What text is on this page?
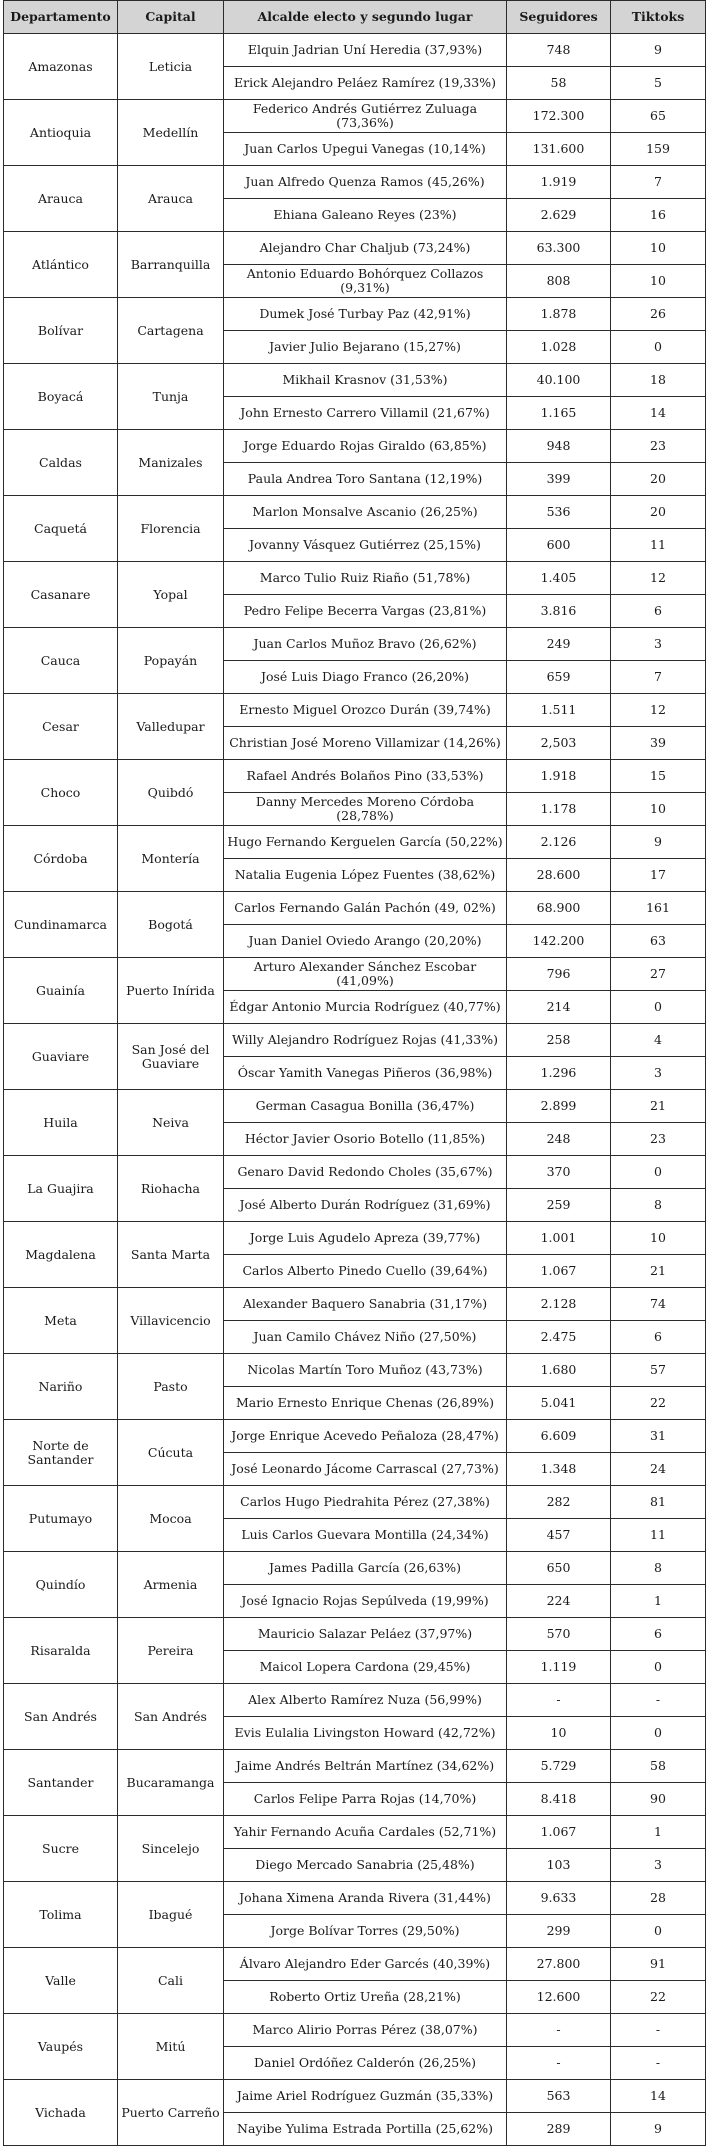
Departamento	Capital	Alcalde electo y segundo lugar	Seguidores	Tiktoks
Amazonas	Leticia	Elquin Jadrian Uní Heredia (37,93%)	748	9
		Erick Alejandro Peláez Ramírez (19,33%)	58	5
Antioquia	Medellín	Federico Andrés Gutiérrez Zuluaga (73,36%)	172.300	65
		Juan Carlos Upegui Vanegas (10,14%)	131.600	159
Arauca	Arauca	Juan Alfredo Quenza Ramos (45,26%)	1.919	7
		Ehiana Galeano Reyes (23%)	2.629	16
Atlántico	Barranquilla	Alejandro Char Chaljub (73,24%)	63.300	10
		Antonio Eduardo Bohórquez Collazos (9,31%)	808	10
Bolívar	Cartagena	Dumek José Turbay Paz (42,91%)	1.878	26
		Javier Julio Bejarano (15,27%)	1.028	0
Boyacá	Tunja	Mikhail Krasnov (31,53%)	40.100	18
		John Ernesto Carrero Villamil (21,67%)	1.165	14
Caldas	Manizales	Jorge Eduardo Rojas Giraldo (63,85%)	948	23
		Paula Andrea Toro Santana (12,19%)	399	20
Caquetá	Florencia	Marlon Monsalve Ascanio (26,25%)	536	20
		Jovanny Vásquez Gutiérrez (25,15%)	600	11
Casanare	Yopal	Marco Tulio Ruiz Riaño (51,78%)	1.405	12
		Pedro Felipe Becerra Vargas (23,81%)	3.816	6
Cauca	Popayán	Juan Carlos Muñoz Bravo (26,62%)	249	3
		José Luis Diago Franco (26,20%)	659	7
Cesar	Valledupar	Ernesto Miguel Orozco Durán (39,74%)	1.511	12
		Christian José Moreno Villamizar (14,26%)	2,503	39
Choco	Quibdó	Rafael Andrés Bolaños Pino (33,53%)	1.918	15
		Danny Mercedes Moreno Córdoba (28,78%)	1.178	10
Córdoba	Montería	Hugo Fernando Kerguelen García (50,22%)	2.126	9
		Natalia Eugenia López Fuentes (38,62%)	28.600	17
Cundinamarca	Bogotá	Carlos Fernando Galán Pachón (49, 02%)	68.900	161
		Juan Daniel Oviedo Arango (20,20%)	142.200	63
Guainía	Puerto Inírida	Arturo Alexander Sánchez Escobar (41,09%)	796	27
		Édgar Antonio Murcia Rodríguez (40,77%)	214	0
Guaviare	San José del Guaviare	Willy Alejandro Rodríguez Rojas (41,33%)	258	4
		Óscar Yamith Vanegas Piñeros (36,98%)	1.296	3
Huila	Neiva	German Casagua Bonilla (36,47%)	2.899	21
		Héctor Javier Osorio Botello (11,85%)	248	23
La Guajira	Riohacha	Genaro David Redondo Choles (35,67%)	370	0
		José Alberto Durán Rodríguez (31,69%)	259	8
Magdalena	Santa Marta	Jorge Luis Agudelo Apreza (39,77%)	1.001	10
		Carlos Alberto Pinedo Cuello (39,64%)	1.067	21
Meta	Villavicencio	Alexander Baquero Sanabria (31,17%)	2.128	74
		Juan Camilo Chávez Niño (27,50%)	2.475	6
Nariño	Pasto	Nicolas Martín Toro Muñoz (43,73%)	1.680	57
		Mario Ernesto Enrique Chenas (26,89%)	5.041	22
Norte de Santander	Cúcuta	Jorge Enrique Acevedo Peñaloza (28,47%)	6.609	31
		José Leonardo Jácome Carrascal (27,73%)	1.348	24
Putumayo	Mocoa	Carlos Hugo Piedrahita Pérez (27,38%)	282	81
		Luis Carlos Guevara Montilla (24,34%)	457	11
Quindío	Armenia	James Padilla García (26,63%)	650	8
		José Ignacio Rojas Sepúlveda (19,99%)	224	1
Risaralda	Pereira	Mauricio Salazar Peláez (37,97%)	570	6
		Maicol Lopera Cardona (29,45%)	1.119	0
San Andrés	San Andrés	Alex Alberto Ramírez Nuza (56,99%)	-	-
		Evis Eulalia Livingston Howard (42,72%)	10	0
Santander	Bucaramanga	Jaime Andrés Beltrán Martínez (34,62%)	5.729	58
		Carlos Felipe Parra Rojas (14,70%)	8.418	90
Sucre	Sincelejo	Yahir Fernando Acuña Cardales (52,71%)	1.067	1
		Diego Mercado Sanabria (25,48%)	103	3
Tolima	Ibagué	Johana Ximena Aranda Rivera (31,44%)	9.633	28
		Jorge Bolívar Torres (29,50%)	299	0
Valle	Cali	Álvaro Alejandro Eder Garcés (40,39%)	27.800	91
		Roberto Ortiz Ureña (28,21%)	12.600	22
Vaupés	Mitú	Marco Alirio Porras Pérez (38,07%)	-	-
		Daniel Ordóñez Calderón (26,25%)	-	-
Vichada	Puerto Carreño	Jaime Ariel Rodríguez Guzmán (35,33%)	563	14
		Nayibe Yulima Estrada Portilla (25,62%)	289	9
